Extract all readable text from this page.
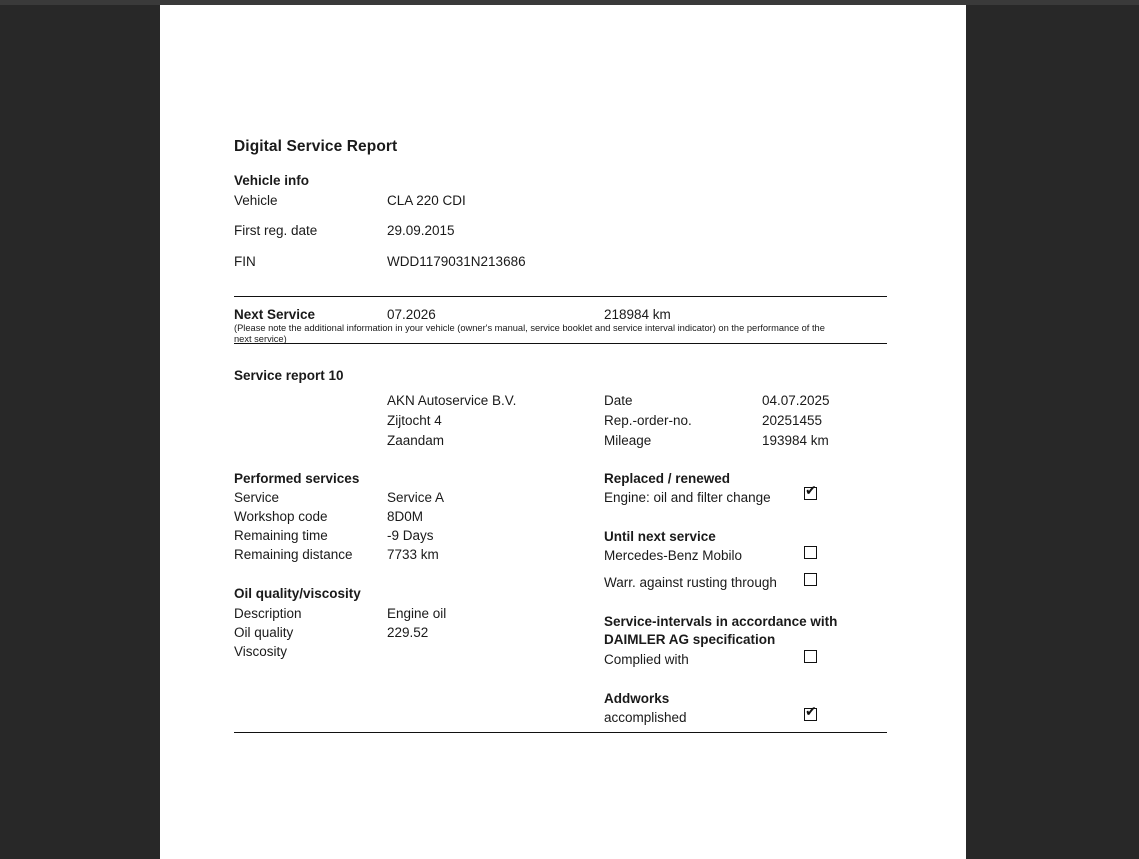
Digital Service Report
Vehicle info
Vehicle	CLA 220 CDI
First reg. date	29.09.2015
FIN	WDD1179031N213686
Next Service	07.2026	218984 km
(Please note the additional information in your vehicle (owner's manual, service booklet and service interval indicator) on the performance of the
next service)
Service report 10
AKN Autoservice B.V.
Zijtocht 4
Zaandam
Date	04.07.2025
Rep.-order-no.	20251455
Mileage	193984 km
Performed services
Service	Service A
Workshop code	8D0M
Remaining time	-9 Days
Remaining distance	7733 km
Oil quality/viscosity
Description	Engine oil
Oil quality	229.52
Viscosity
Replaced / renewed
Engine: oil and filter change ✔
Until next service
Mercedes-Benz Mobilo
Warr. against rusting through
Service-intervals in accordance with
DAIMLER AG specification
Complied with
Addworks
accomplished	✔
